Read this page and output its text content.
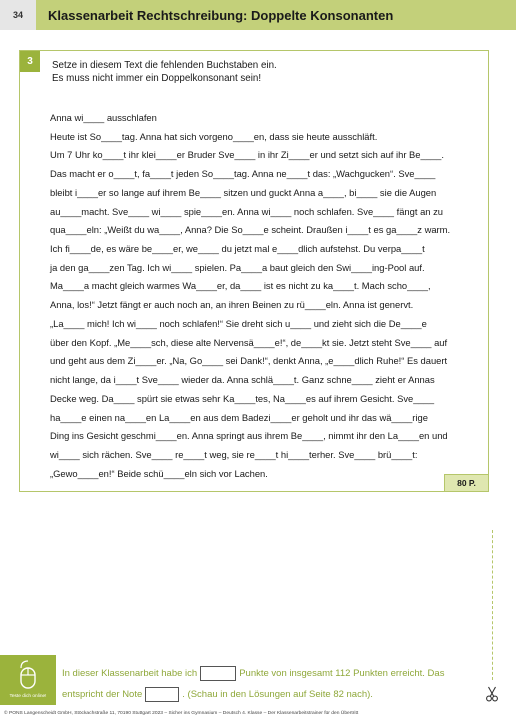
34	Klassenarbeit Rechtschreibung: Doppelte Konsonanten
3	Setze in diesem Text die fehlenden Buchstaben ein.
Es muss nicht immer ein Doppelkonsonant sein!
Anna wi____ ausschlafen
Heute ist So____tag. Anna hat sich vorgeno____en, dass sie heute ausschläft.
Um 7 Uhr ko____t ihr klei____er Bruder Sve____ in ihr Zi____er und setzt sich auf ihr Be____.
Das macht er o____t, fa____t jeden So____tag. Anna ne____t das: „Wachgucken“. Sve____
bleibt i____er so lange auf ihrem Be____ sitzen und guckt Anna a____, bi____ sie die Augen
au____macht. Sve____ wi____ spie____en. Anna wi____ noch schlafen. Sve____ fängt an zu
qua____eln: „Weißt du wa____, Anna? Die So____e scheint. Draußen i____t es ga____z warm.
Ich fi____de, es wäre be____er, we____ du jetzt mal e____dlich aufstehst. Du verpa____t
ja den ga____zen Tag. Ich wi____ spielen. Pa____a baut gleich den Swi____ing-Pool auf.
Ma____a macht gleich warmes Wa____er, da____ ist es nicht zu ka____t. Mach scho____,
Anna, los!“ Jetzt fängt er auch noch an, an ihren Beinen zu rü____eln. Anna ist genervt.
„La____ mich! Ich wi____ noch schlafen!“ Sie dreht sich u____ und zieht sich die De____e
über den Kopf. „Me____sch, diese alte Nervensä____e!“, de____kt sie. Jetzt steht Sve____ auf
und geht aus dem Zi____er. „Na, Go____ sei Dank!“, denkt Anna, „e____dlich Ruhe!“ Es dauert
nicht lange, da i____t Sve____ wieder da. Anna schlä____t. Ganz schne____ zieht er Annas
Decke weg. Da____ spürt sie etwas sehr Ka____tes, Na____es auf ihrem Gesicht. Sve____
ha____e einen na____en La____en aus dem Badezi____er geholt und ihr das wä____rige
Ding ins Gesicht geschmi____en. Anna springt aus ihrem Be____, nimmt ihr den La____en und
wi____ sich rächen. Sve____ re____t weg, sie re____t hi____terher. Sve____ brü____t:
„Gewo____en!“ Beide schü____eln sich vor Lachen.
80 P.
Teste dich online!
In dieser Klassenarbeit habe ich	Punkte von insgesamt 112 Punkten erreicht. Das
entspricht der Note	. (Schau in den Lösungen auf Seite 82 nach).
© PONS Langenscheidt GmbH, Stöckachstraße 11, 70190 Stuttgart 2023 – Sicher ins Gymnasium – Deutsch 4. Klasse – Der Klassenarbeitstrainer für den Übertritt
